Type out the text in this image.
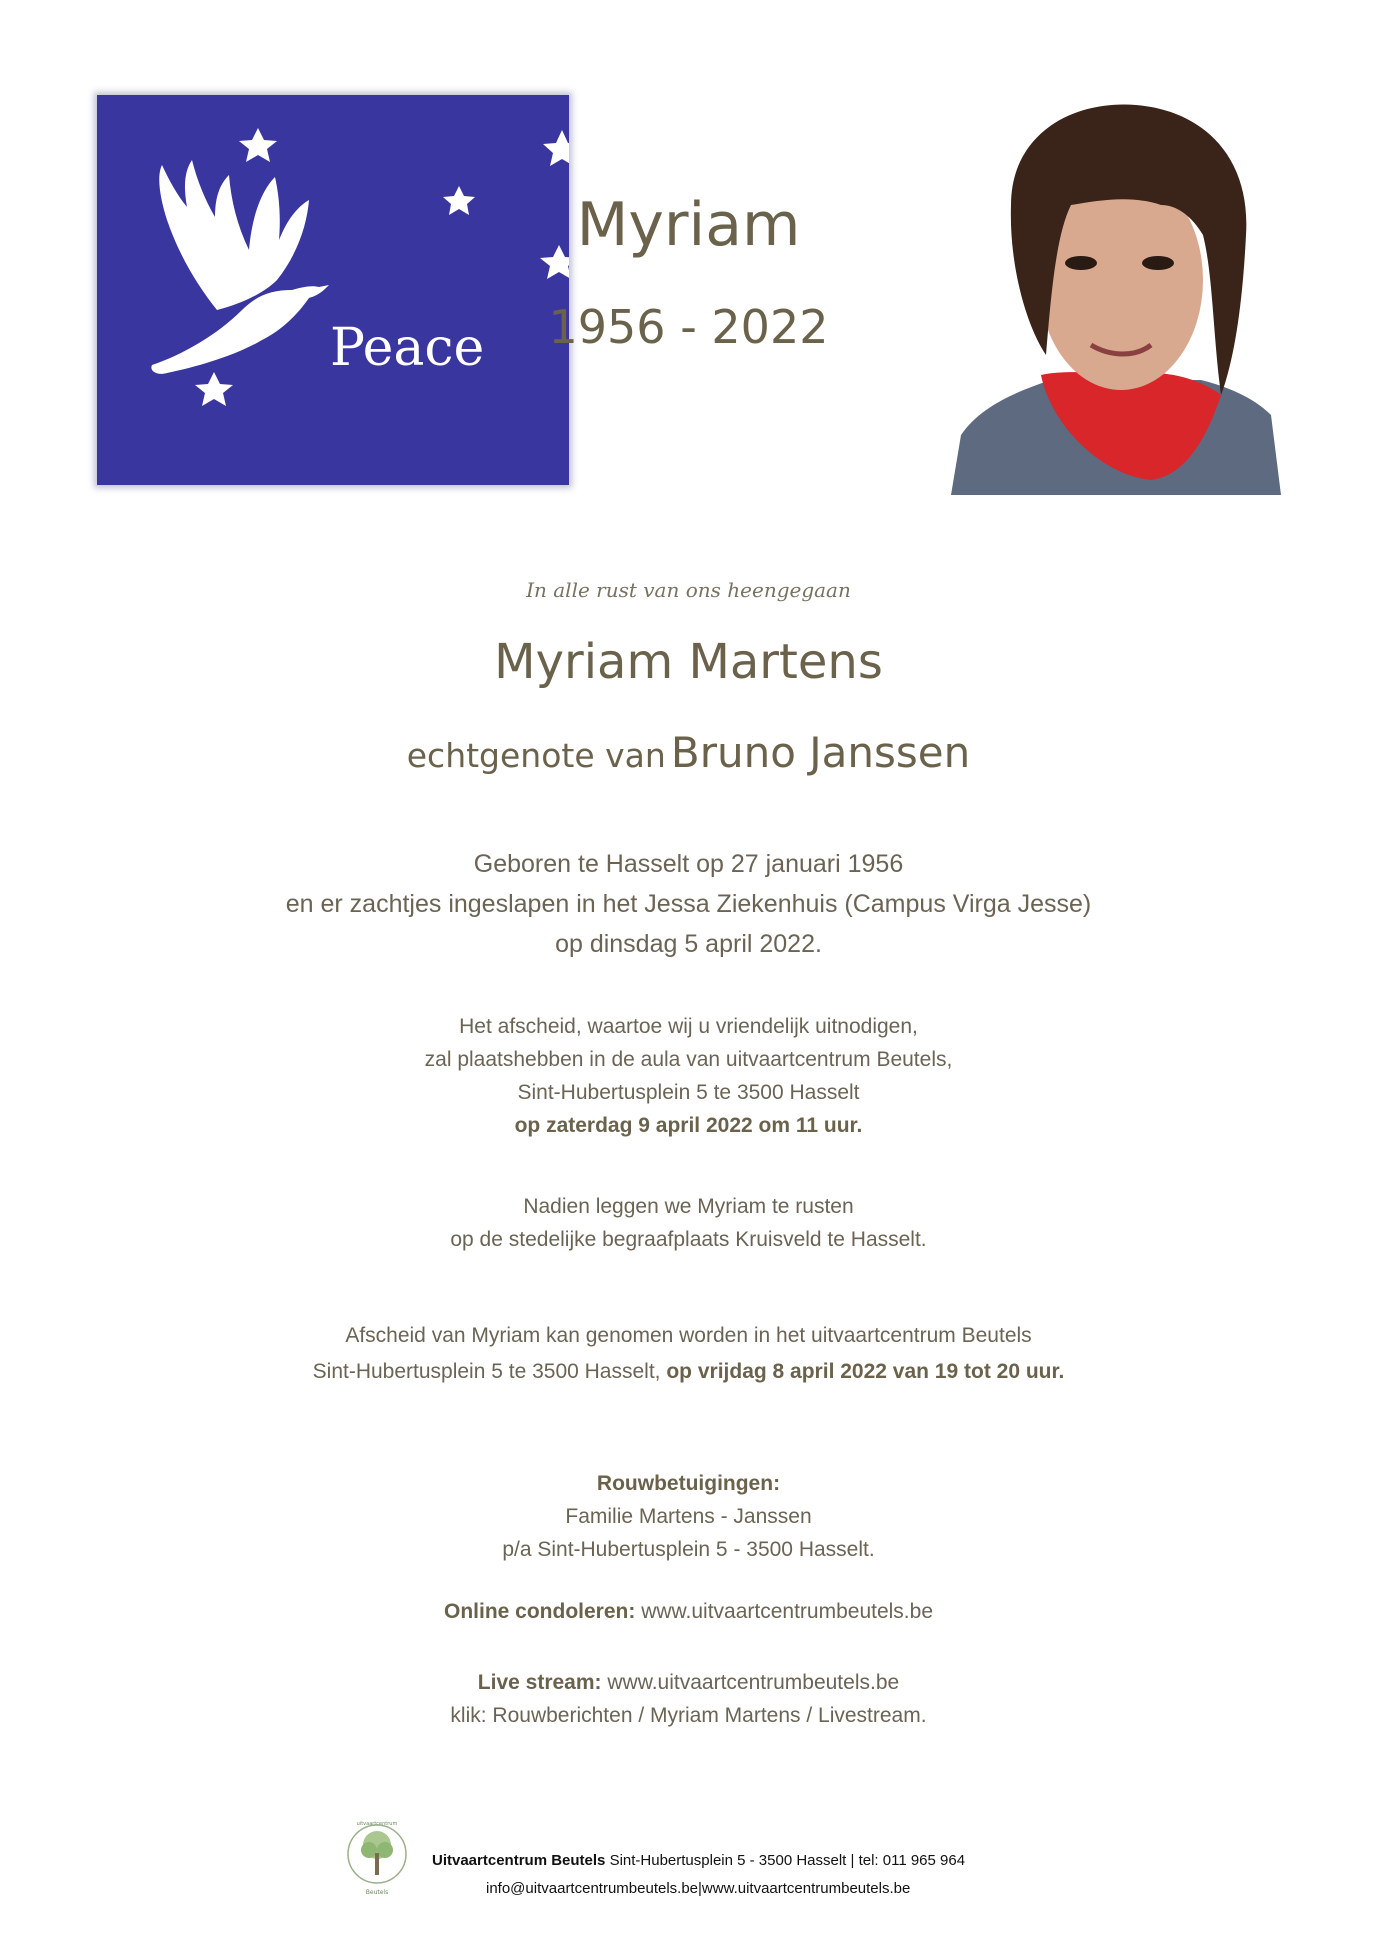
Peace
Myriam
1956 - 2022
In alle rust van ons heengegaan
Myriam Martens
echtgenote van Bruno Janssen
Geboren te Hasselt op 27 januari 1956
en er zachtjes ingeslapen in het Jessa Ziekenhuis (Campus Virga Jesse)
op dinsdag 5 april 2022.
Het afscheid, waartoe wij u vriendelijk uitnodigen,
zal plaatshebben in de aula van uitvaartcentrum Beutels,
Sint-Hubertusplein 5 te 3500 Hasselt
op zaterdag 9 april 2022 om 11 uur.
Nadien leggen we Myriam te rusten
op de stedelijke begraafplaats Kruisveld te Hasselt.
Afscheid van Myriam kan genomen worden in het uitvaartcentrum Beutels
Sint-Hubertusplein 5 te 3500 Hasselt, op vrijdag 8 april 2022 van 19 tot 20 uur.
Rouwbetuigingen:
Familie Martens - Janssen
p/a Sint-Hubertusplein 5 - 3500 Hasselt.
Online condoleren: www.uitvaartcentrumbeutels.be
Live stream: www.uitvaartcentrumbeutels.be
klik: Rouwberichten / Myriam Martens / Livestream.
uitvaartcentrum
Beutels
Uitvaartcentrum Beutels Sint-Hubertusplein 5 - 3500 Hasselt | tel: 011 965 964
info@uitvaartcentrumbeutels.be|www.uitvaartcentrumbeutels.be
